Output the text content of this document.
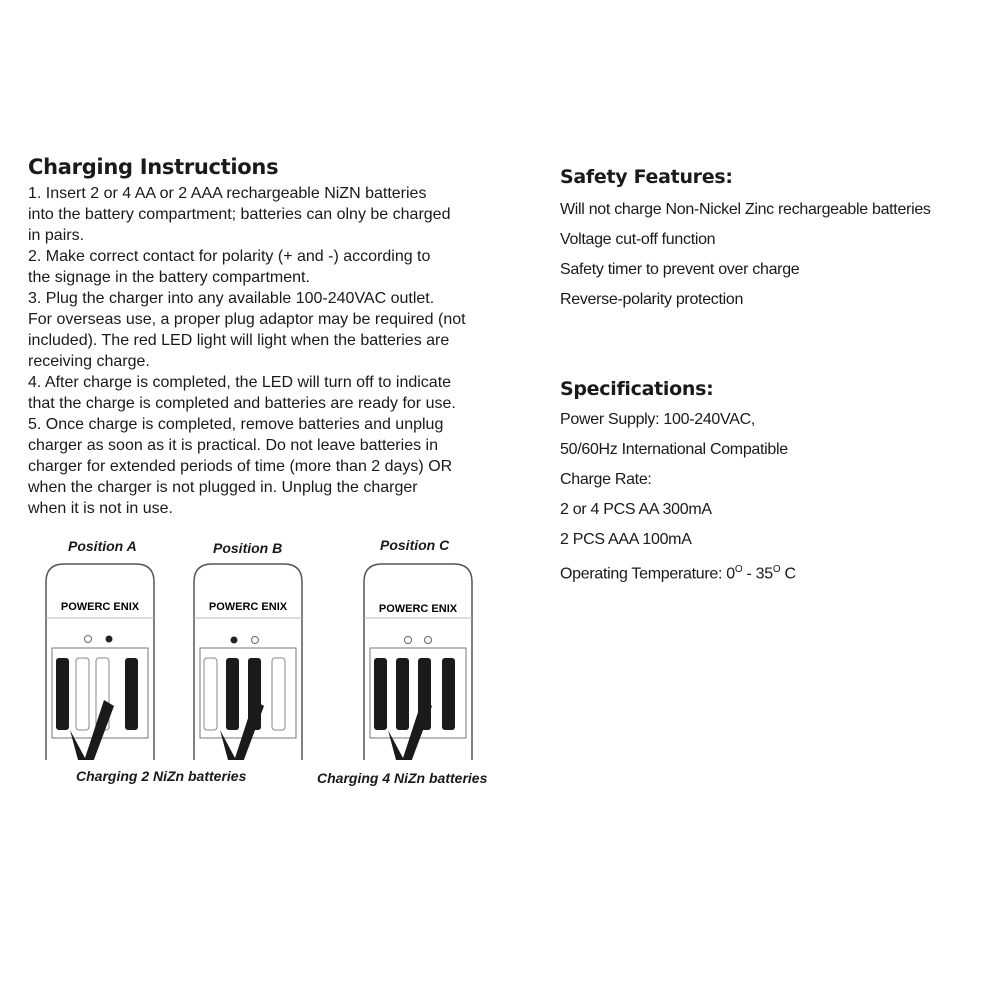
Charging Instructions
1. Insert 2 or 4 AA or 2 AAA rechargeable NiZN batteries
into the battery compartment; batteries can olny be charged
in pairs.
2. Make correct contact for polarity (+ and -) according to
the signage in the battery compartment.
3. Plug the charger into any available 100-240VAC outlet.
For overseas use, a proper plug adaptor may be required (not
included). The red LED light will light when the batteries are
receiving charge.
4. After charge is completed, the LED will turn off to indicate
that the charge is completed and batteries are ready for use.
5. Once charge is completed, remove batteries and unplug
charger as soon as it is practical. Do not leave batteries in
charger for extended periods of time (more than 2 days) OR
when the charger is not plugged in. Unplug the charger
when it is not in use.
Safety Features:
Will not charge Non-Nickel Zinc rechargeable batteries
Voltage cut-off function
Safety timer to prevent over charge
Reverse-polarity protection
Specifications:
Power Supply: 100-240VAC,
50/60Hz International Compatible
Charge Rate:
2 or 4 PCS AA 300mA
2 PCS AAA 100mA
Operating Temperature: $0^O - 35^O$ C
Position A	Position B	Position C
POWERC ENIX	POWERC ENIX	POWERC ENIX
Charging 2 NiZn batteries	Charging 4 NiZn batteries
